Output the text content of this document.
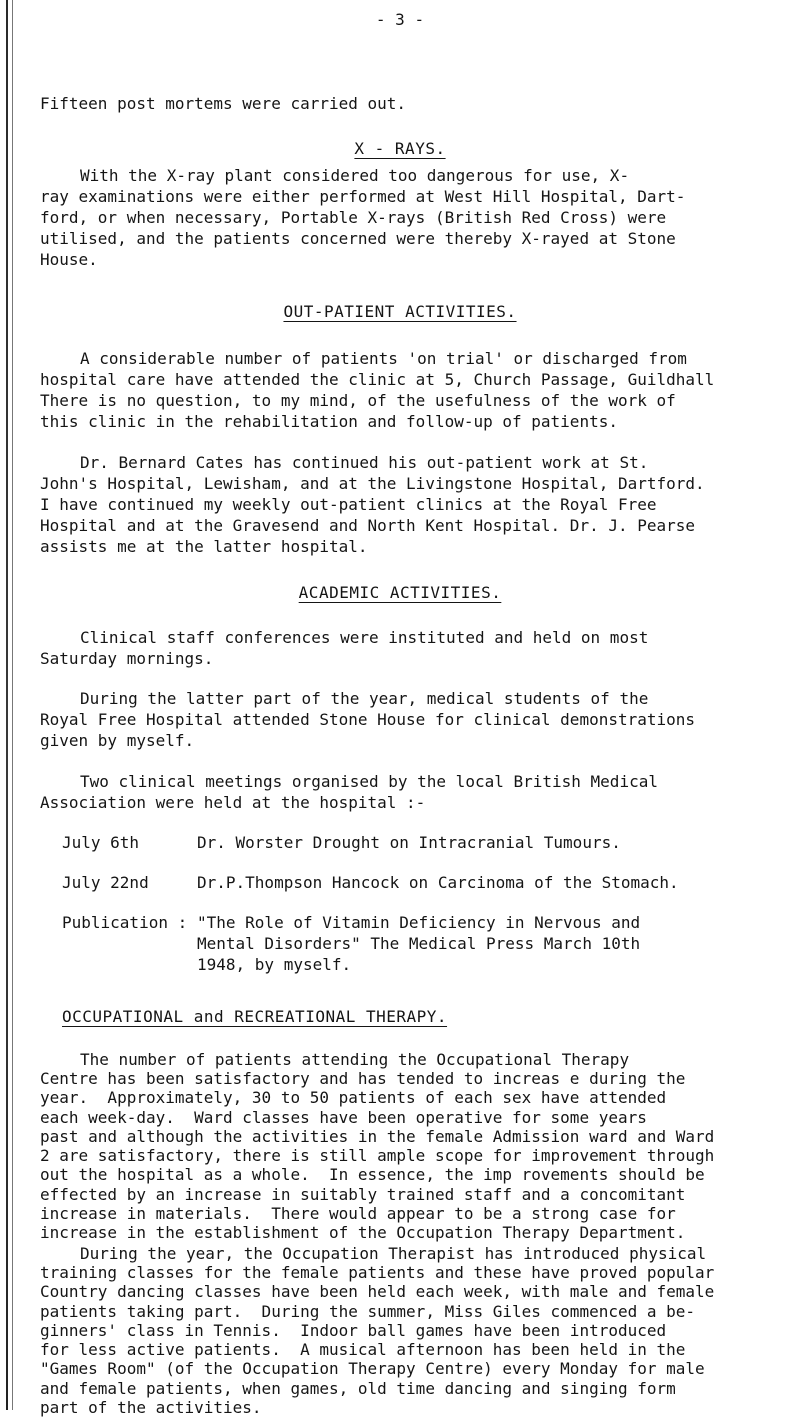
- 3 -
Fifteen post mortems were carried out.
X - RAYS.
With the X-ray plant considered too dangerous for use, X-
ray examinations were either performed at West Hill Hospital, Dart-
ford, or when necessary, Portable X-rays (British Red Cross) were
utilised, and the patients concerned were thereby X-rayed at Stone
House.
OUT-PATIENT ACTIVITIES.
A considerable number of patients 'on trial' or discharged from
hospital care have attended the clinic at 5, Church Passage, Guildhall
There is no question, to my mind, of the usefulness of the work of
this clinic in the rehabilitation and follow-up of patients.
Dr. Bernard Cates has continued his out-patient work at St.
John's Hospital, Lewisham, and at the Livingstone Hospital, Dartford.
I have continued my weekly out-patient clinics at the Royal Free
Hospital and at the Gravesend and North Kent Hospital. Dr. J. Pearse
assists me at the latter hospital.
ACADEMIC ACTIVITIES.
Clinical staff conferences were instituted and held on most
Saturday mornings.
During the latter part of the year, medical students of the
Royal Free Hospital attended Stone House for clinical demonstrations
given by myself.
Two clinical meetings organised by the local British Medical
Association were held at the hospital :-
July 6th	Dr. Worster Drought on Intracranial Tumours.
July 22nd	Dr.P.Thompson Hancock on Carcinoma of the Stomach.
Publication : "The Role of Vitamin Deficiency in Nervous and
Mental Disorders" The Medical Press March 10th
1948, by myself.
OCCUPATIONAL and RECREATIONAL THERAPY.
The number of patients attending the Occupational Therapy
Centre has been satisfactory and has tended to increas e during the
year.  Approximately, 30 to 50 patients of each sex have attended
each week-day.  Ward classes have been operative for some years
past and although the activities in the female Admission ward and Ward
2 are satisfactory, there is still ample scope for improvement through
out the hospital as a whole.  In essence, the imp rovements should be
effected by an increase in suitably trained staff and a concomitant
increase in materials.  There would appear to be a strong case for
increase in the establishment of the Occupation Therapy Department.
During the year, the Occupation Therapist has introduced physical
training classes for the female patients and these have proved popular
Country dancing classes have been held each week, with male and female
patients taking part.  During the summer, Miss Giles commenced a be-
ginners' class in Tennis.  Indoor ball games have been introduced
for less active patients.  A musical afternoon has been held in the
"Games Room" (of the Occupation Therapy Centre) every Monday for male
and female patients, when games, old time dancing and singing form
part of the activities.
